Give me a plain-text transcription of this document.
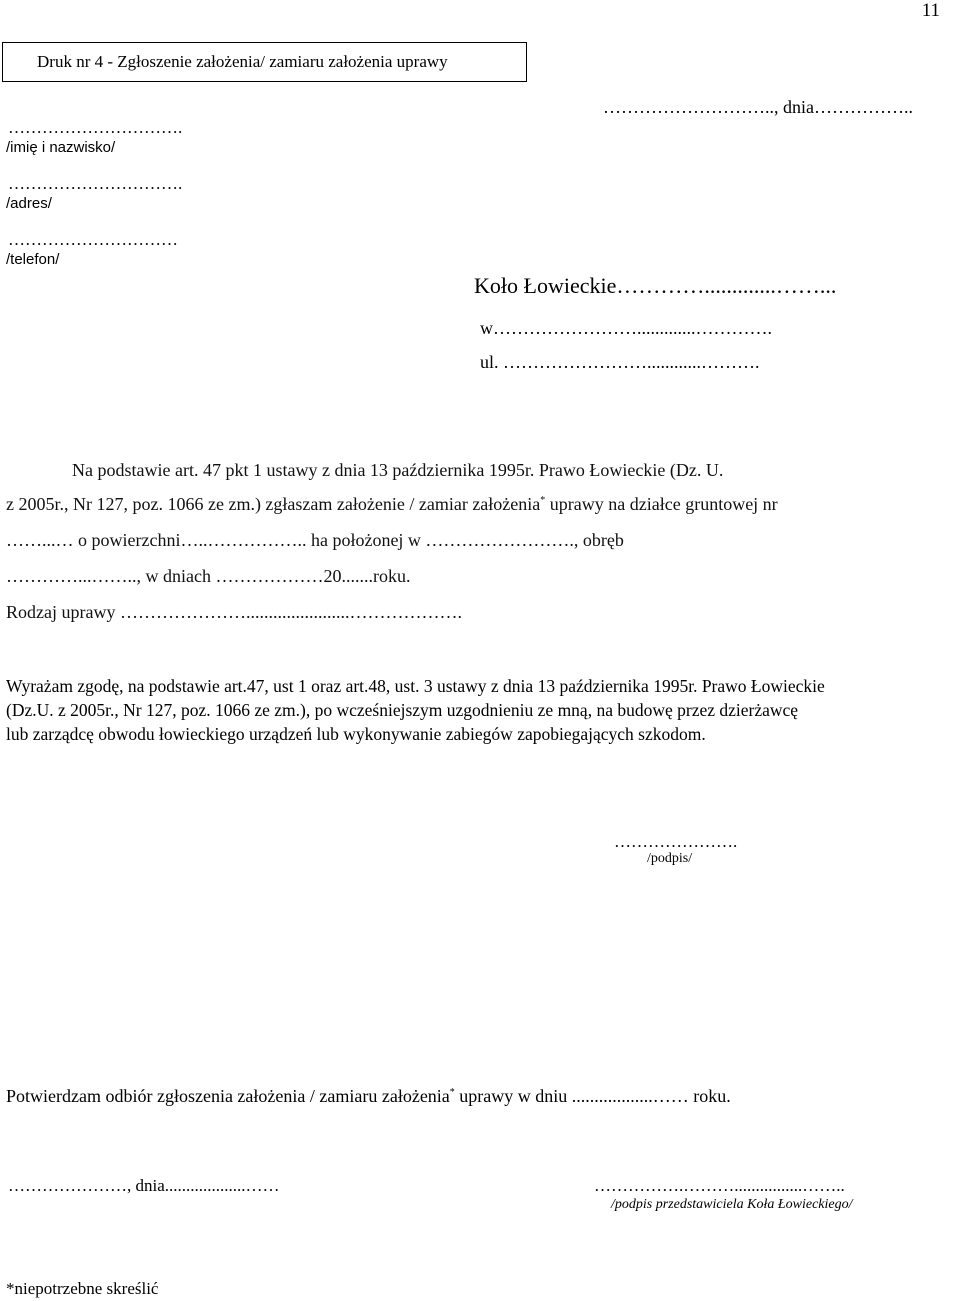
11
Druk nr 4 - Zgłoszenie założenia/ zamiaru założenia uprawy
……………………….., dnia……………..
………………………….
/imię i nazwisko/
………………………….
/adres/
…………………………
/telefon/
Koło Łowieckie………….............……...
w…………………….............………….
ul. ……………………............……….
Na podstawie art. 47 pkt 1 ustawy z dnia 13 października 1995r. Prawo Łowieckie (Dz. U.
z 2005r., Nr 127, poz. 1066 ze zm.) zgłaszam założenie / zamiar założenia* uprawy na działce gruntowej nr
……...… o powierzchni…..…………….. ha położonej w ……………………., obręb
…………...…….., w dniach ………………20.......roku.
Rodzaj uprawy ………………….......................……………….
Wyrażam zgodę, na podstawie art.47, ust 1 oraz art.48, ust. 3 ustawy z dnia 13 października 1995r. Prawo Łowieckie
(Dz.U. z 2005r., Nr 127, poz. 1066 ze zm.), po wcześniejszym uzgodnieniu ze mną, na budowę przez dzierżawcę
lub zarządcę obwodu łowieckiego urządzeń lub wykonywanie zabiegów zapobiegających szkodom.
………………….
/podpis/
Potwierdzam odbiór zgłoszenia założenia / zamiaru założenia* uprawy w dniu ..................…… roku.
…………………, dnia...................……	…………….………................……..
/podpis przedstawiciela Koła Łowieckiego/
*niepotrzebne skreślić
